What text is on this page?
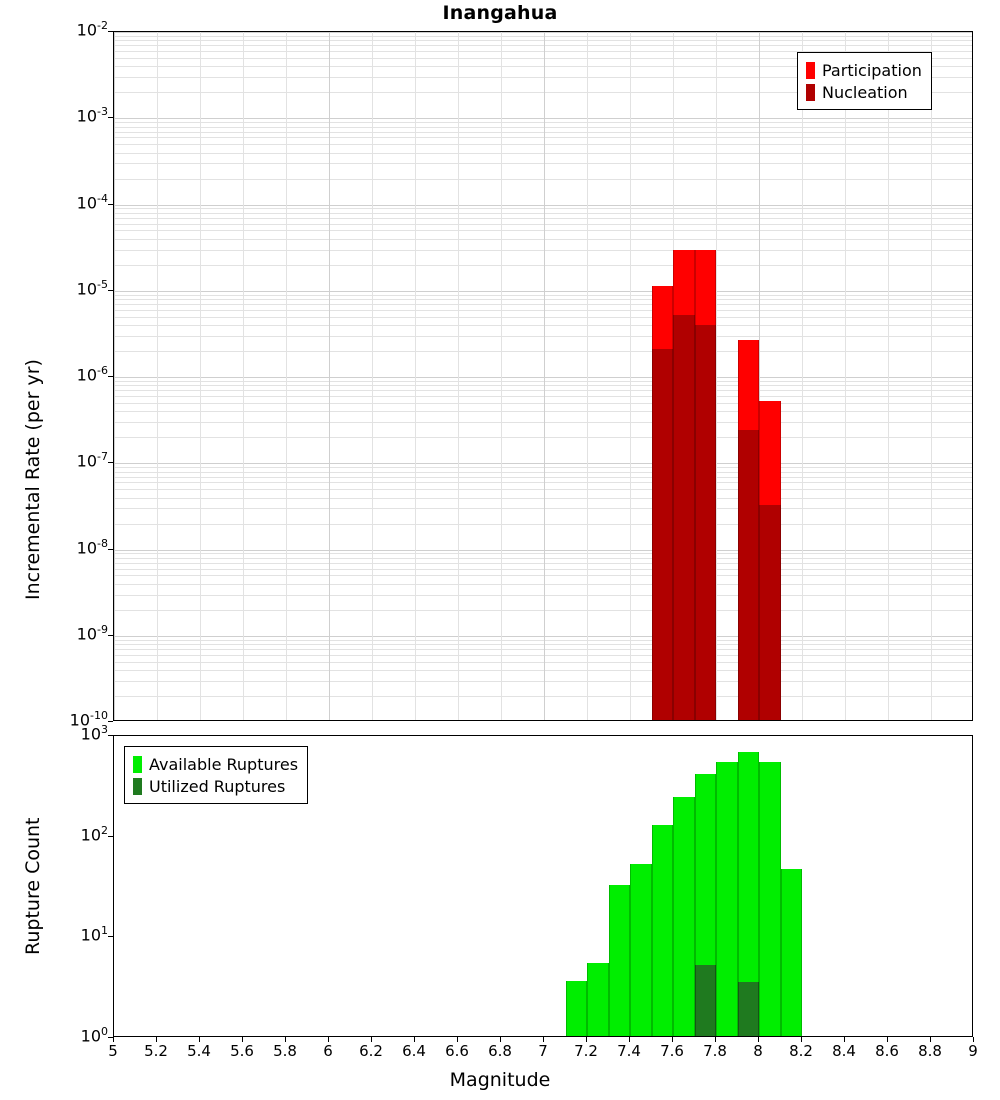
Inangahua
$10^{-2}$
$10^{-3}$
$10^{-4}$
$10^{-5}$
$10^{-6}$
$10^{-7}$
$10^{-8}$
$10^{-9}$
$10^{-10}$
Incremental Rate (per yr)
Participation
Nucleation
$10^3$
$10^2$
$10^1$
$10^0$
Rupture Count
Available Ruptures
Utilized Ruptures
5	5.2	5.4	5.6	5.8	6	6.2	6.4	6.6	6.8	7	7.2	7.4	7.6	7.8	8	8.2	8.4	8.6	8.8	9
Magnitude
